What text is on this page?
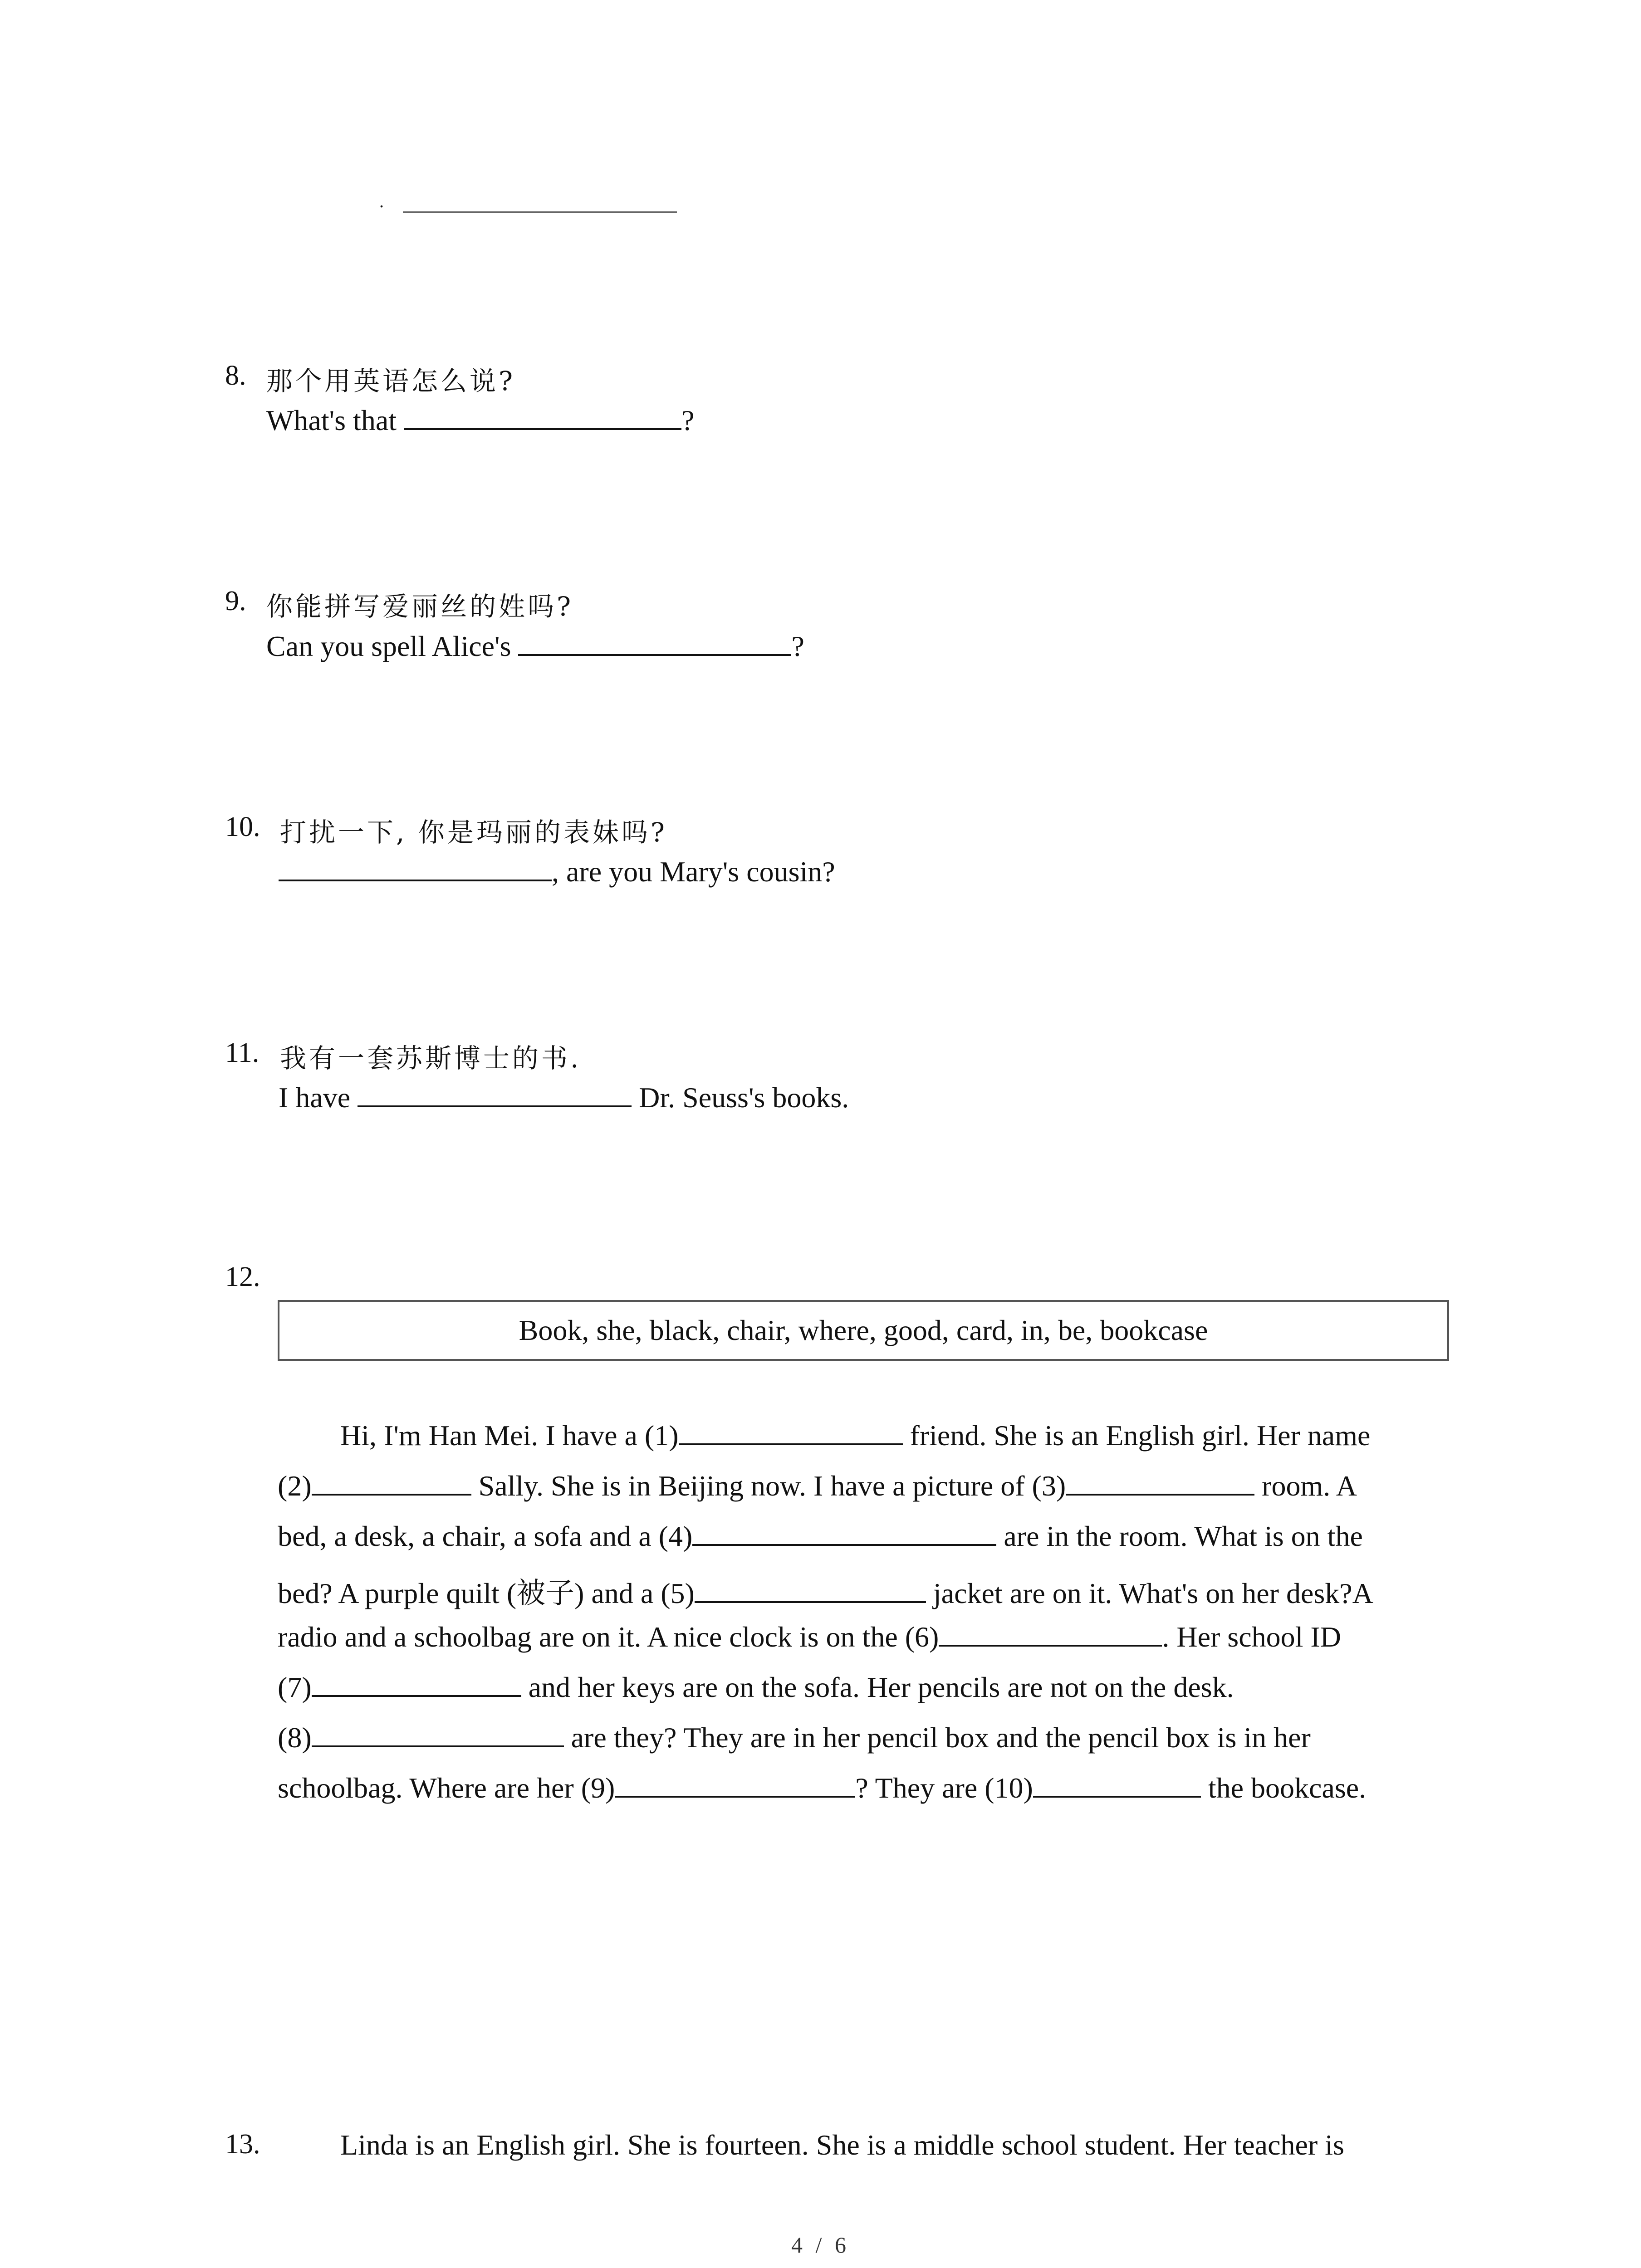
.
8. 那个用英语怎么说?
What's that	?
9. 你能拼写爱丽丝的姓吗?
Can you spell Alice's	?
10. 打扰一下, 你是玛丽的表妹吗?
, are you Mary's cousin?
11. 我有一套苏斯博士的书.
I have	Dr. Seuss's books.
12.
Book, she, black, chair, where, good, card, in, be, bookcase
Hi, I'm Han Mei. I have a (1)	friend. She is an English girl. Her name
(2)	Sally. She is in Beijing now. I have a picture of (3)	room. A
bed, a desk, a chair, a sofa and a (4)	are in the room. What is on the
bed? A purple quilt (被子) and a (5)	jacket are on it. What's on her desk?A
radio and a schoolbag are on it. A nice clock is on the (6)	. Her school ID
(7)	and her keys are on the sofa. Her pencils are not on the desk.
(8)	are they? They are in her pencil box and the pencil box is in her
schoolbag. Where are her (9)	? They are (10)	the bookcase.
13.	Linda is an English girl. She is fourteen. She is a middle school student. Her teacher is
4 / 6
